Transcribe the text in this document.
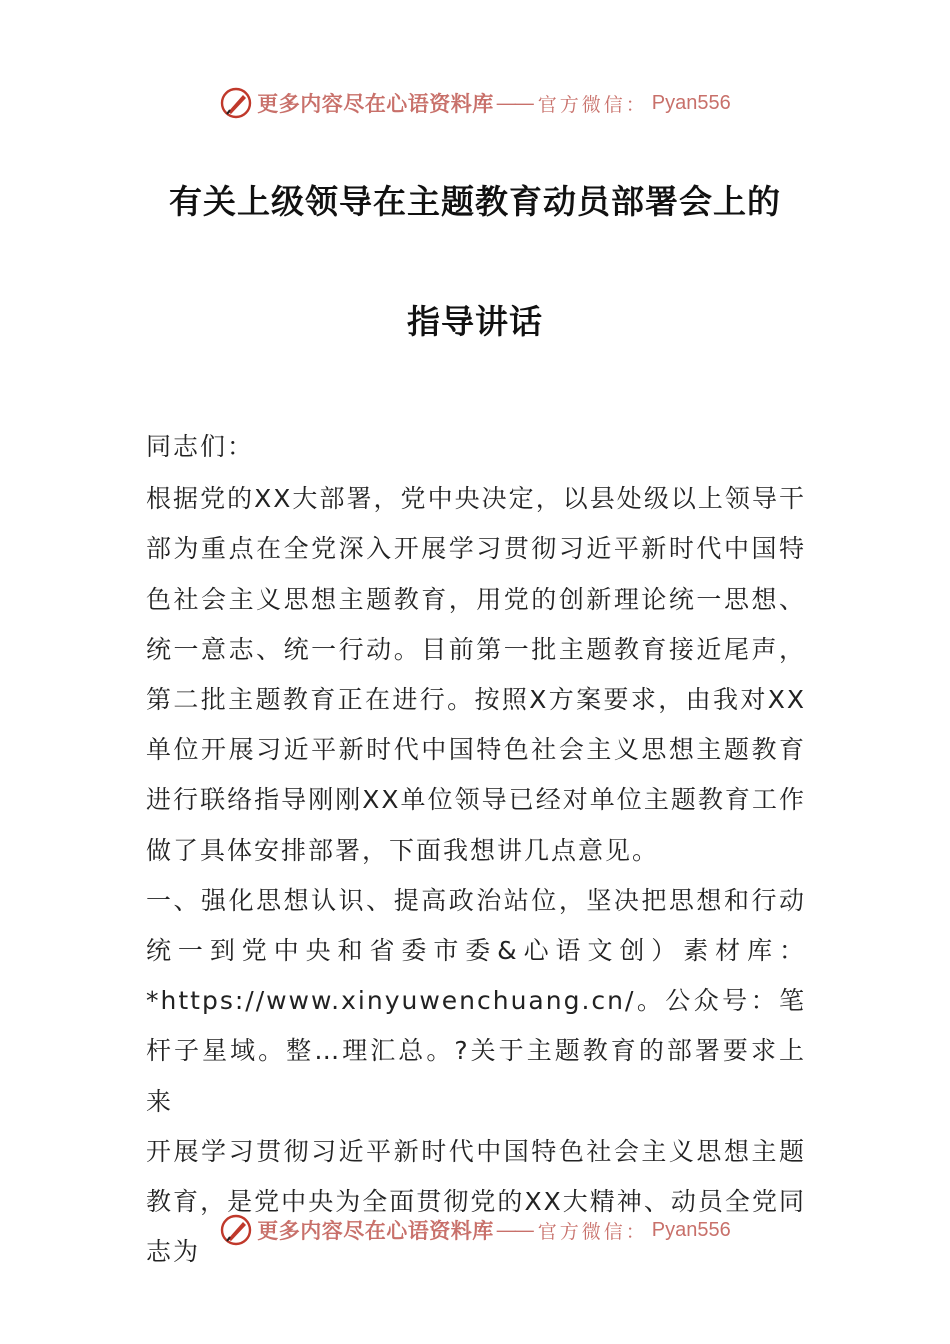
更多内容尽在心语资料库 —— 官方微信： Pyan556
有关上级领导在主题教育动员部署会上的
指导讲话

同志们：

根据党的XX大部署，党中央决定，以县处级以上领导干部为重点在全党深入开展学习贯彻习近平新时代中国特色社会主义思想主题教育，用党的创新理论统一思想、统一意志、统一行动。目前第一批主题教育接近尾声，第二批主题教育正在进行。按照X方案要求，由我对XX单位开展习近平新时代中国特色社会主义思想主题教育进行联络指导刚刚XX单位领导已经对单位主题教育工作做了具体安排部署，下面我想讲几点意见。

一、强化思想认识、提高政治站位，坚决把思想和行动统一到党中央和省委市委&心语文创）素材库：*https://www.xinyuwenchuang.cn/。公众号：笔杆子星域。整…理汇总。?关于主题教育的部署要求上来

开展学习贯彻习近平新时代中国特色社会主义思想主题教育，是党中央为全面贯彻党的XX大精神、动员全党同志为

更多内容尽在心语资料库 —— 官方微信： Pyan556
